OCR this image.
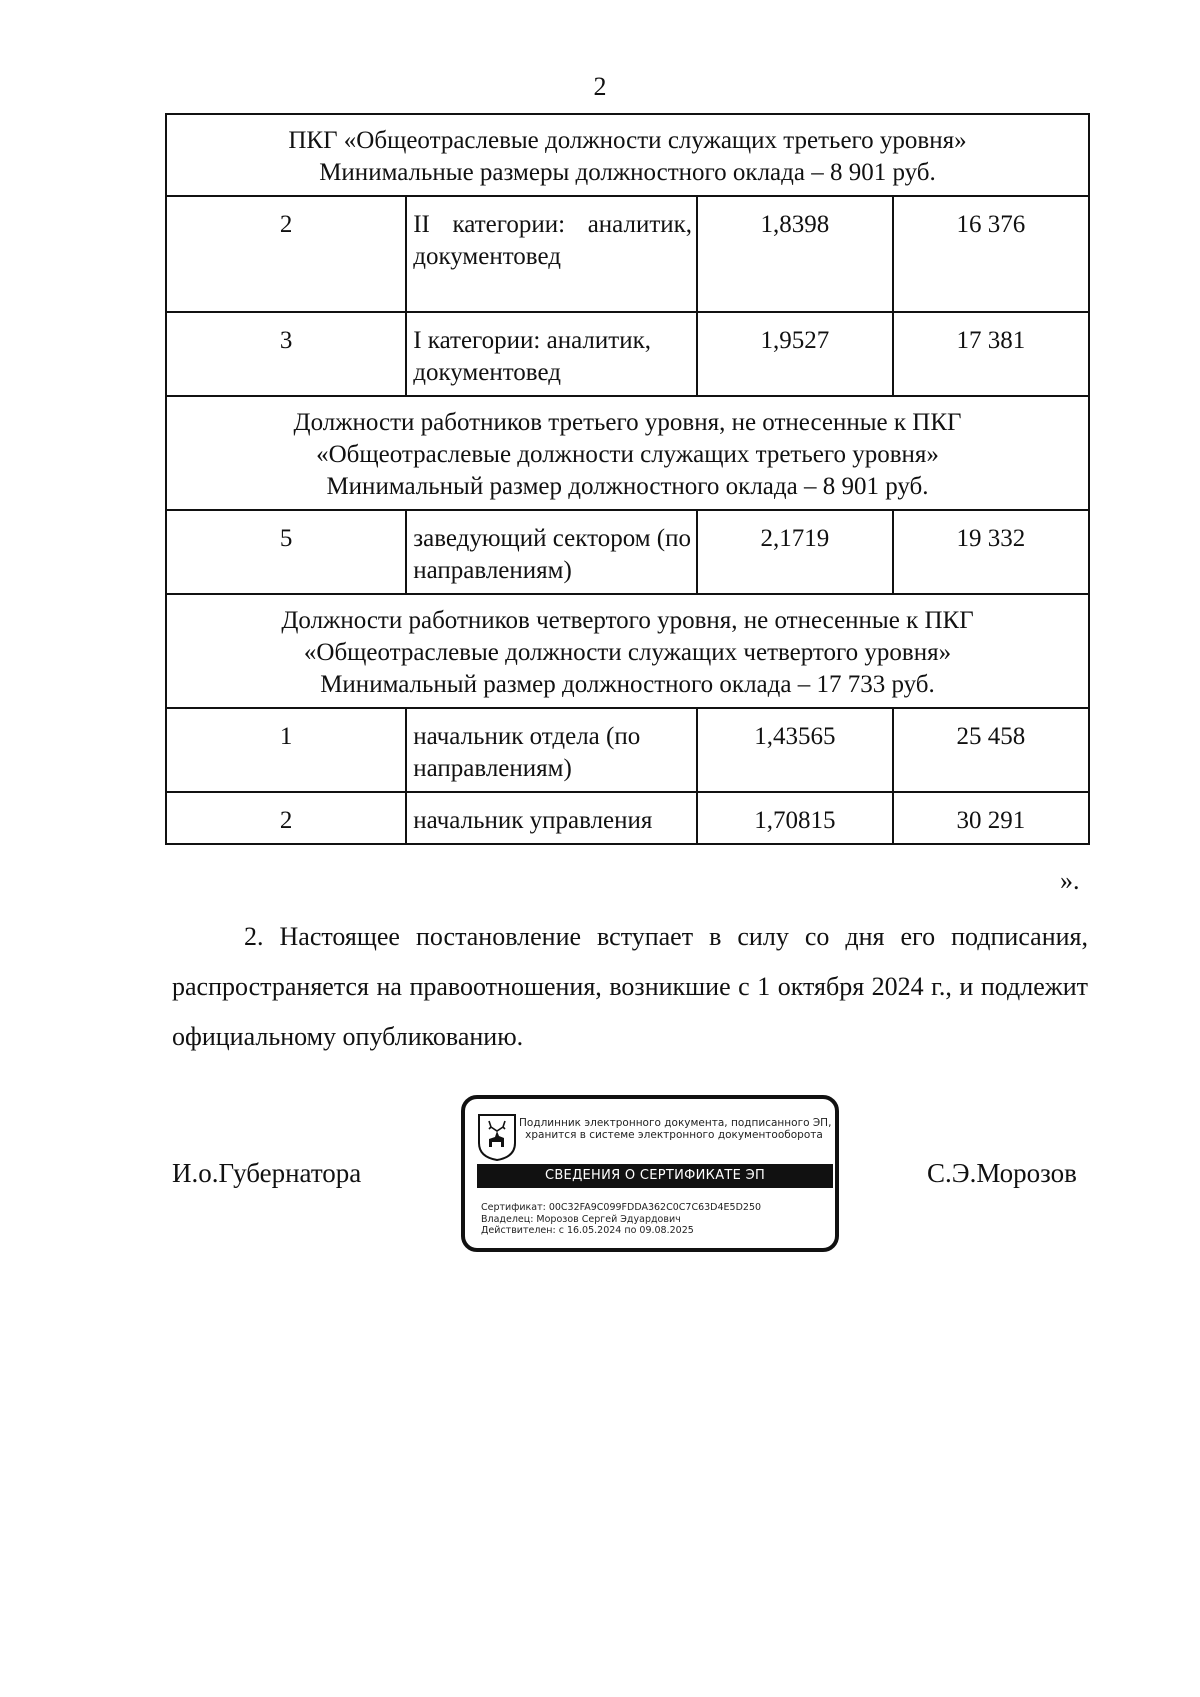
2
ПКГ «Общеотраслевые должности служащих третьего уровня»
Минимальные размеры должностного оклада – 8 901 руб.			

2	II категории: аналитик, документовед	1,8398	16 376
3	I категории: аналитик, документовед	1,9527	17 381

Должности работников третьего уровня, не отнесенные к ПКГ
«Общеотраслевые должности служащих третьего уровня»
Минимальный размер должностного оклада – 8 901 руб.			

5	заведующий сектором (по направлениям)	2,1719	19 332

Должности работников четвертого уровня, не отнесенные к ПКГ
«Общеотраслевые должности служащих четвертого уровня»
Минимальный размер должностного оклада – 17 733 руб.			

1	начальник отдела (по направлениям)	1,43565	25 458
2	начальник управления	1,70815	30 291
».
2. Настоящее постановление вступает в силу со дня его подписания, распространяется на правоотношения, возникшие с 1 октября 2024 г., и подлежит официальному опубликованию.
И.о.Губернатора
Подлинник электронного документа, подписанного ЭП,
хранится в системе электронного документооборота
СВЕДЕНИЯ О СЕРТИФИКАТЕ ЭП
Сертификат: 00C32FA9C099FDDA362C0C7C63D4E5D250
Владелец: Морозов Сергей Эдуардович
Действителен: с 16.05.2024 по 09.08.2025
С.Э.Морозов
